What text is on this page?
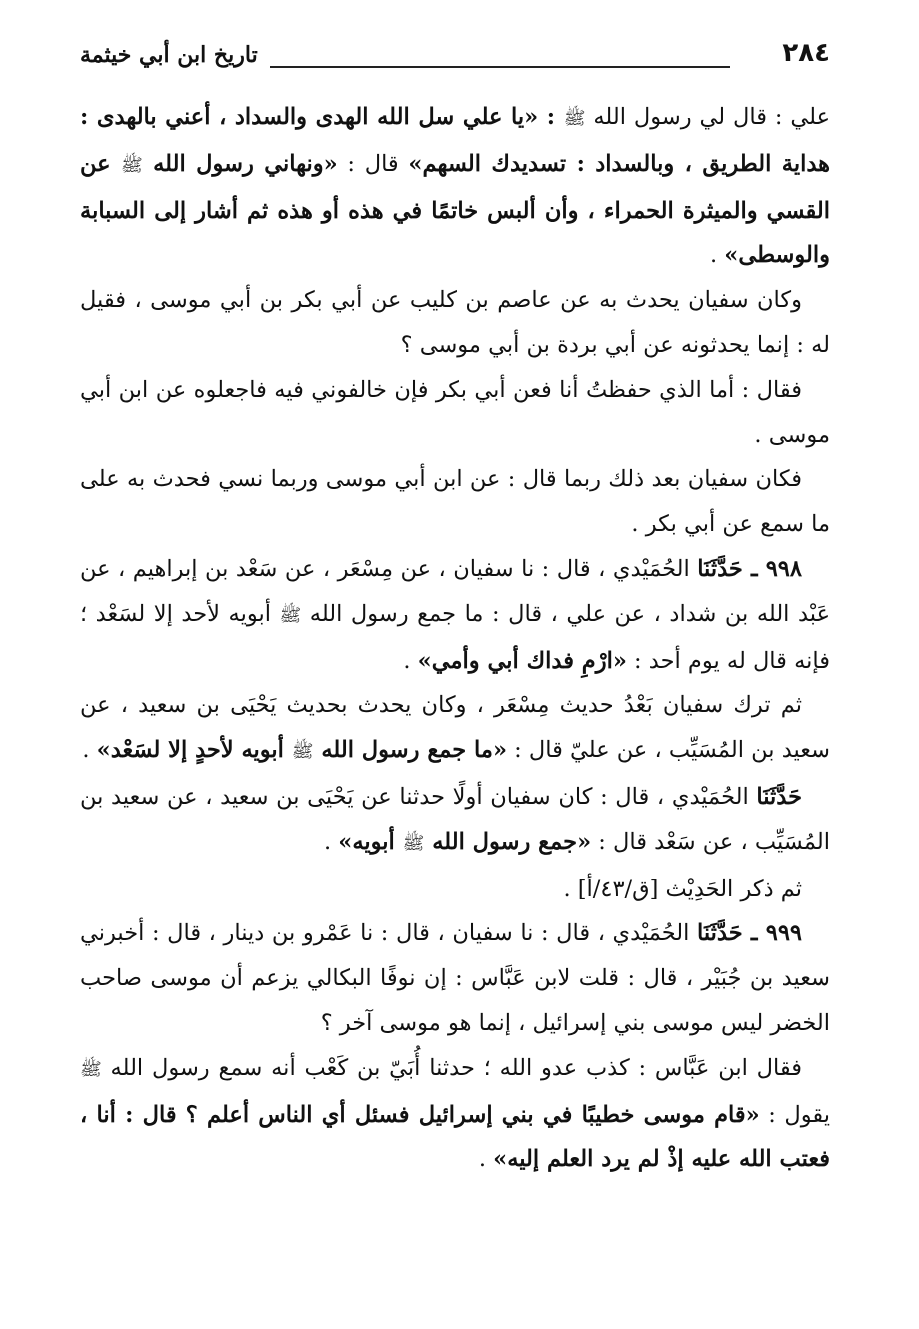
٢٨٤
تاريخ ابن أبي خيثمة

علي : قال لي رسول الله ﷺ : «يا علي سل الله الهدى والسداد ، أعني بالهدى : هداية الطريق ، وبالسداد : تسديدك السهم» قال : «ونهاني رسول الله ﷺ عن القسي والميثرة الحمراء ، وأن ألبس خاتمًا في هذه أو هذه ثم أشار إلى السبابة والوسطى» .

وكان سفيان يحدث به عن عاصم بن كليب عن أبي بكر بن أبي موسى ، فقيل له : إنما يحدثونه عن أبي بردة بن أبي موسى ؟

فقال : أما الذي حفظتُ أنا فعن أبي بكر فإن خالفوني فيه فاجعلوه عن ابن أبي موسى .

فكان سفيان بعد ذلك ربما قال : عن ابن أبي موسى وربما نسي فحدث به على ما سمع عن أبي بكر .

٩٩٨ ـ حَدَّثَنَا الحُمَيْدي ، قال : نا سفيان ، عن مِسْعَر ، عن سَعْد بن إبراهيم ، عن عَبْد الله بن شداد ، عن علي ، قال : ما جمع رسول الله ﷺ أبويه لأحد إلا لسَعْد ؛ فإنه قال له يوم أحد : «ارْمِ فداك أبي وأمي» .

ثم ترك سفيان بَعْدُ حديث مِسْعَر ، وكان يحدث بحديث يَحْيَى بن سعيد ، عن سعيد بن المُسَيِّب ، عن عليّ قال : «ما جمع رسول الله ﷺ أبويه لأحدٍ إلا لسَعْد» .

حَدَّثَنَا الحُمَيْدي ، قال : كان سفيان أولًا حدثنا عن يَحْيَى بن سعيد ، عن سعيد بن المُسَيِّب ، عن سَعْد قال : «جمع رسول الله ﷺ أبويه» .

ثم ذكر الحَدِيْث [ق/٤٣/أ] .

٩٩٩ ـ حَدَّثَنَا الحُمَيْدي ، قال : نا سفيان ، قال : نا عَمْرو بن دينار ، قال : أخبرني سعيد بن جُبَيْر ، قال : قلت لابن عَبَّاس : إن نوفًا البكالي يزعم أن موسى صاحب الخضر ليس موسى بني إسرائيل ، إنما هو موسى آخر ؟

فقال ابن عَبَّاس : كذب عدو الله ؛ حدثنا أُبَيّ بن كَعْب أنه سمع رسول الله ﷺ يقول : «قام موسى خطيبًا في بني إسرائيل فسئل أي الناس أعلم ؟ قال : أنا ، فعتب الله عليه إذْ لم يرد العلم إليه» .
